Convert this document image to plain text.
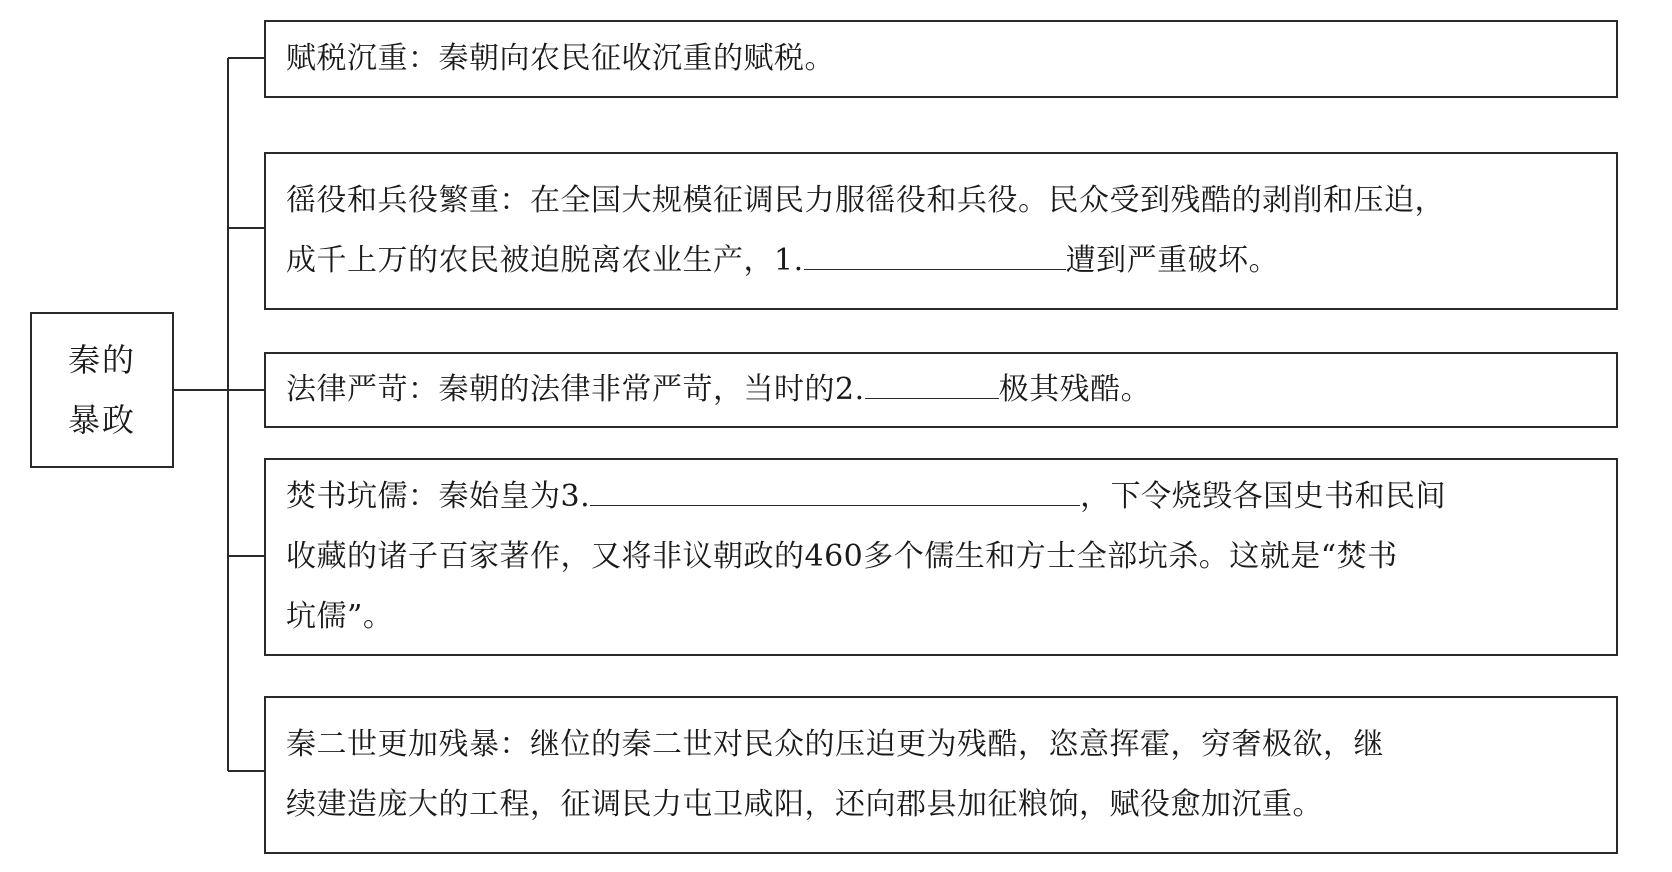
秦的
暴政
赋税沉重：秦朝向农民征收沉重的赋税。
徭役和兵役繁重：在全国大规模征调民力服徭役和兵役。民众受到残酷的剥削和压迫，
成千上万的农民被迫脱离农业生产，1.	遭到严重破坏。
法律严苛：秦朝的法律非常严苛，当时的2.	极其残酷。
焚书坑儒：秦始皇为3.	，下令烧毁各国史书和民间
收藏的诸子百家著作，又将非议朝政的460多个儒生和方士全部坑杀。这就是“焚书
坑儒”。
秦二世更加残暴：继位的秦二世对民众的压迫更为残酷，恣意挥霍，穷奢极欲，继
续建造庞大的工程，征调民力屯卫咸阳，还向郡县加征粮饷，赋役愈加沉重。
